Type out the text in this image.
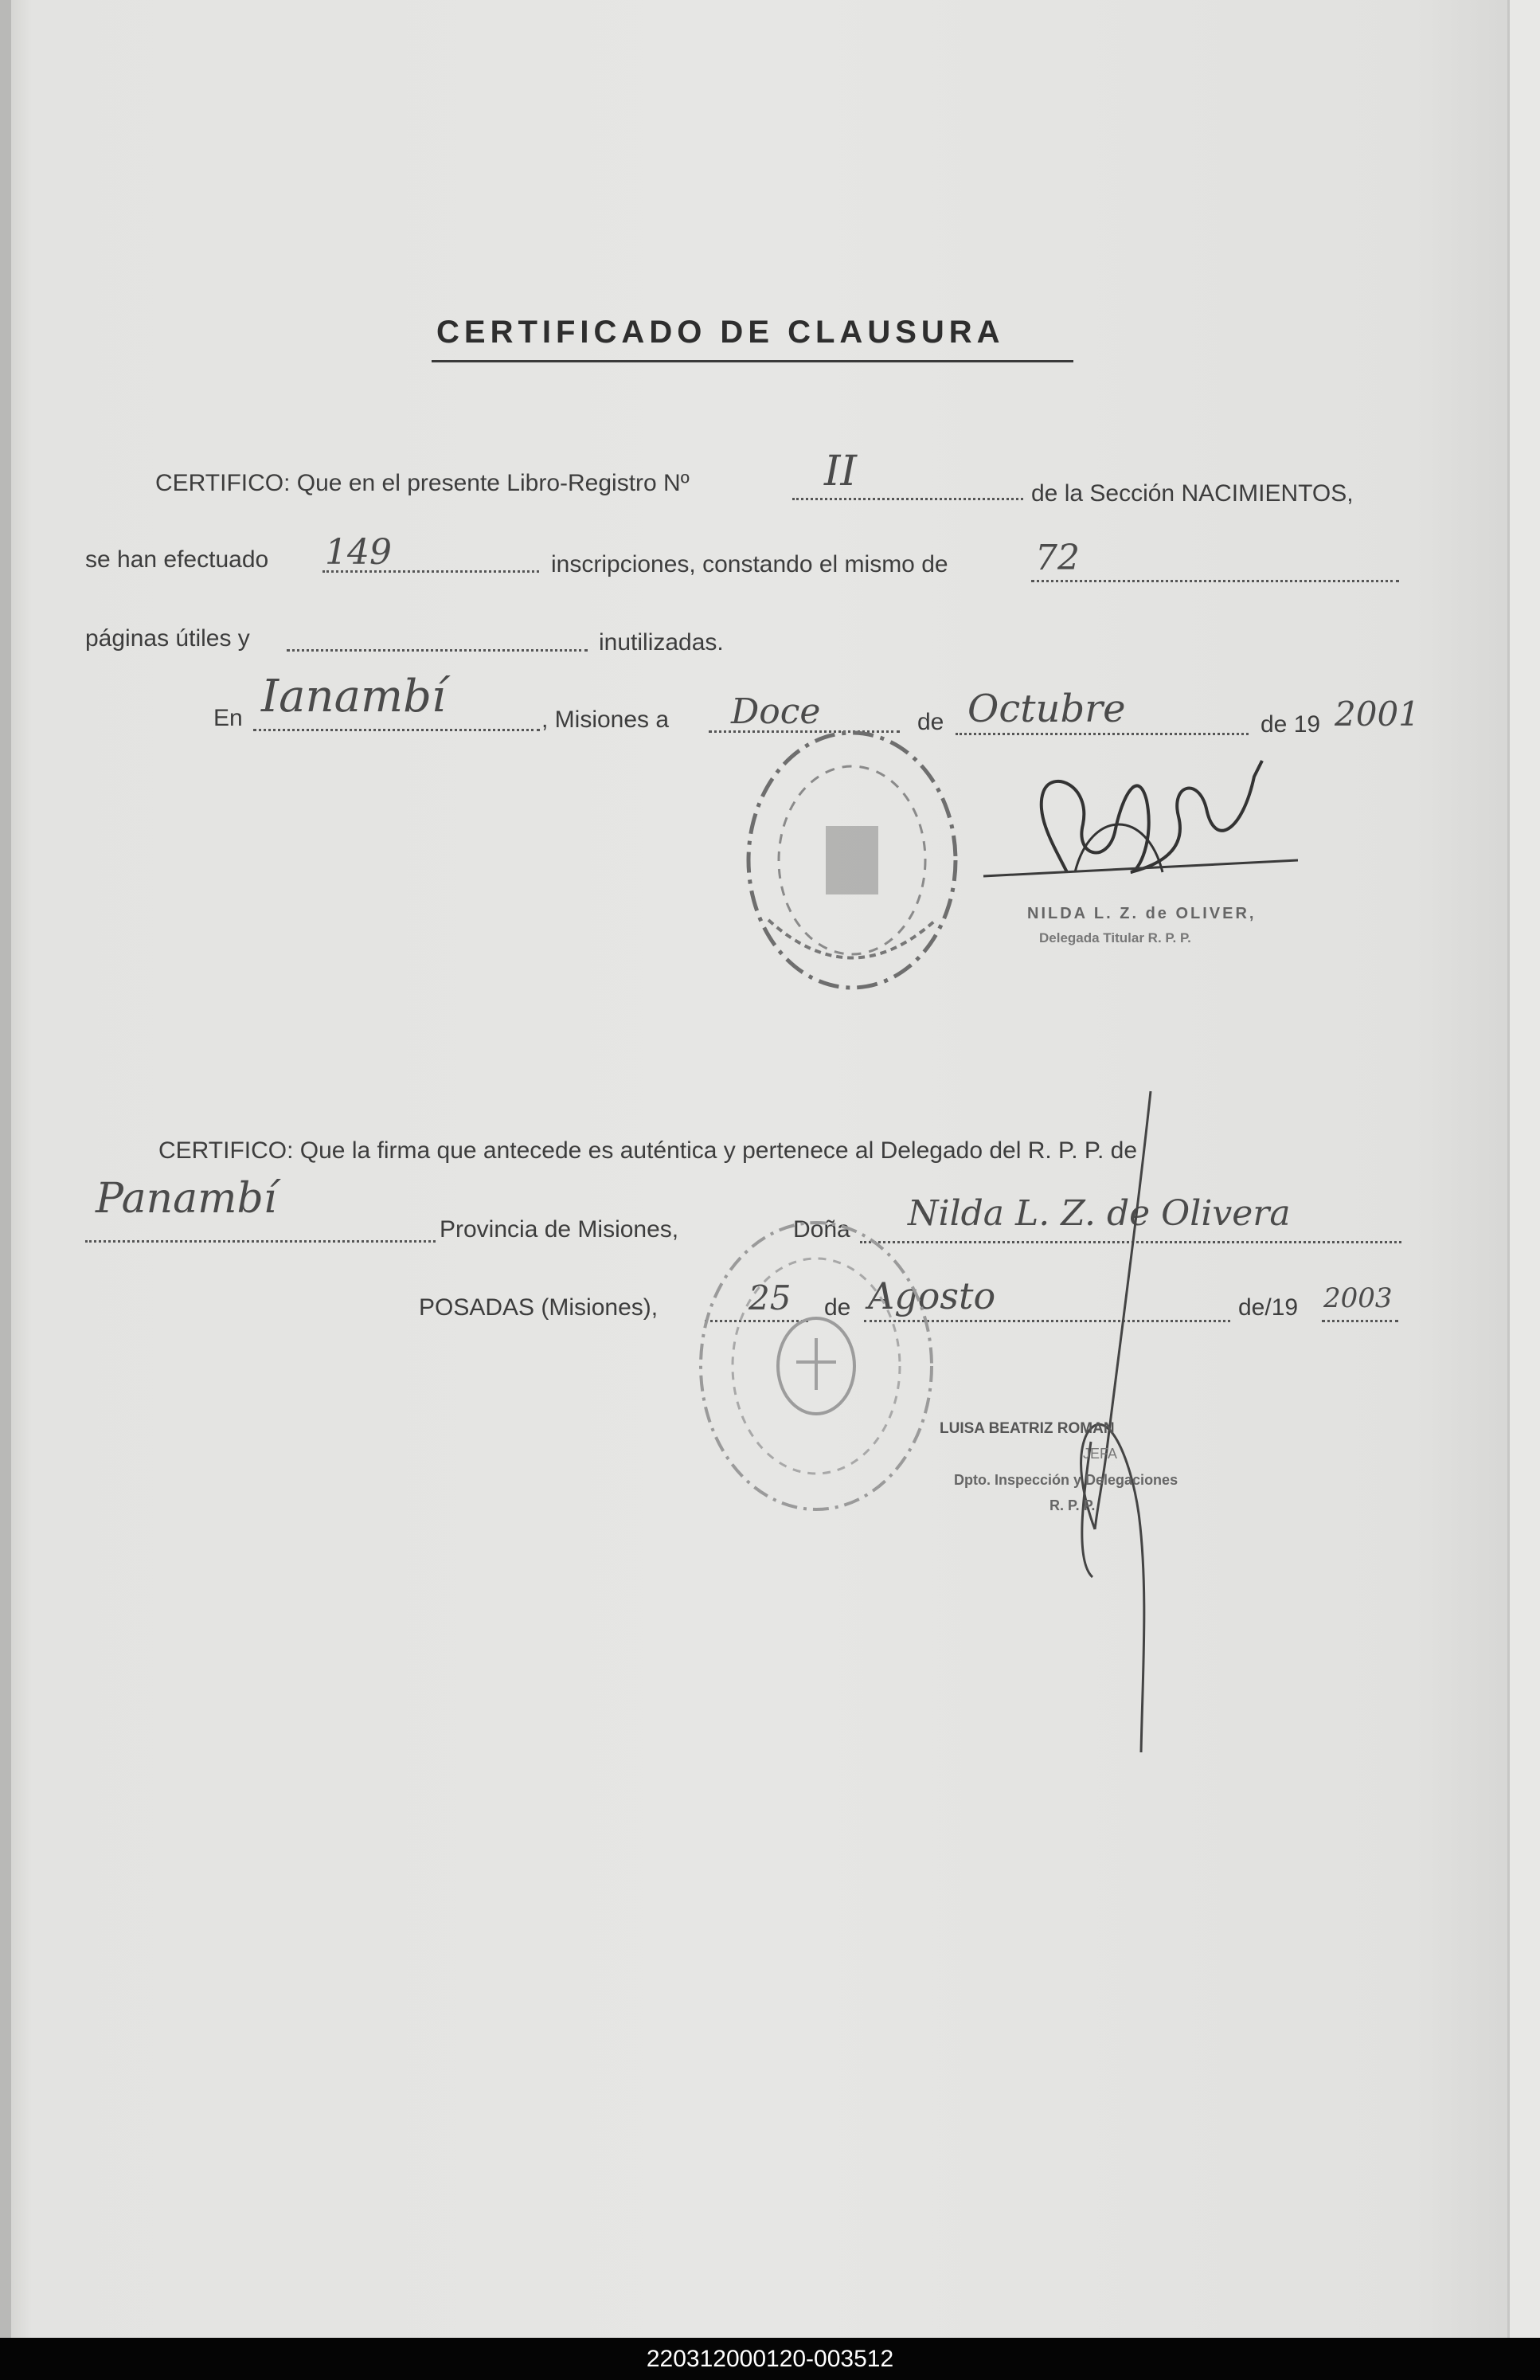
CERTIFICADO DE CLAUSURA
CERTIFICO: Que en el presente Libro-Registro Nº	II	de la Sección NACIMIENTOS,
se han efectuado 149	inscripciones, constando el mismo de 72
páginas útiles y	inutilizadas.
En Ianambí	, Misiones a Doce	de Octubre	de 19 2001
NILDA L. Z. de OLIVER,
Delegada Titular R. P. P.
CERTIFICO: Que la firma que antecede es auténtica y pertenece al Delegado del R. P. P. de
Panambí
Provincia de Misiones,	Doña Nilda L. Z. de Olivera
POSADAS (Misiones),	25 de Agosto	de/19 2003
LUISA BEATRIZ ROMAN
JEFA
Dpto. Inspección y Delegaciones
R. P. P.
220312000120-003512
